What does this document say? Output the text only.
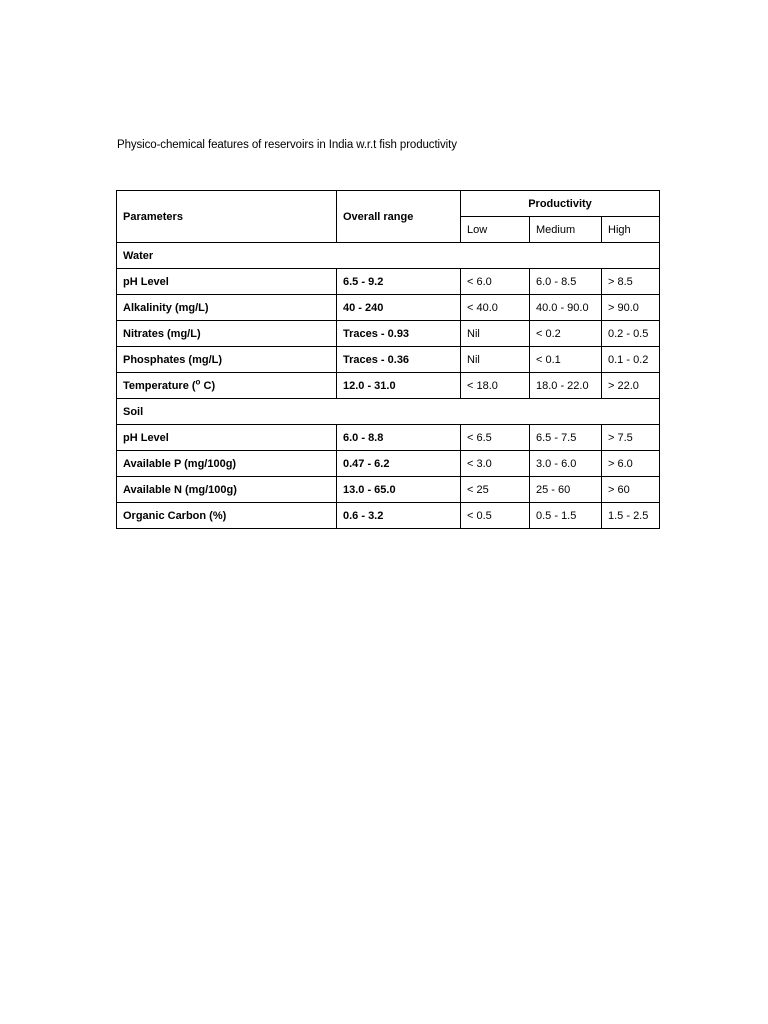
Physico-chemical features of reservoirs in India w.r.t fish productivity
Parameters	Overall range	Productivity		
		Low	Medium	High
Water				
pH Level	6.5 - 9.2	< 6.0	6.0 - 8.5	> 8.5
Alkalinity (mg/L)	40 - 240	< 40.0	40.0 - 90.0	> 90.0
Nitrates (mg/L)	Traces - 0.93	Nil	< 0.2	0.2 - 0.5
Phosphates (mg/L)	Traces - 0.36	Nil	< 0.1	0.1 - 0.2
Temperature ($^o$ C)	12.0 - 31.0	< 18.0	18.0 - 22.0	> 22.0
Soil				
pH Level	6.0 - 8.8	< 6.5	6.5 - 7.5	> 7.5
Available P (mg/100g)	0.47 - 6.2	< 3.0	3.0 - 6.0	> 6.0
Available N (mg/100g)	13.0 - 65.0	< 25	25 - 60	> 60
Organic Carbon (%)	0.6 - 3.2	< 0.5	0.5 - 1.5	1.5 - 2.5
